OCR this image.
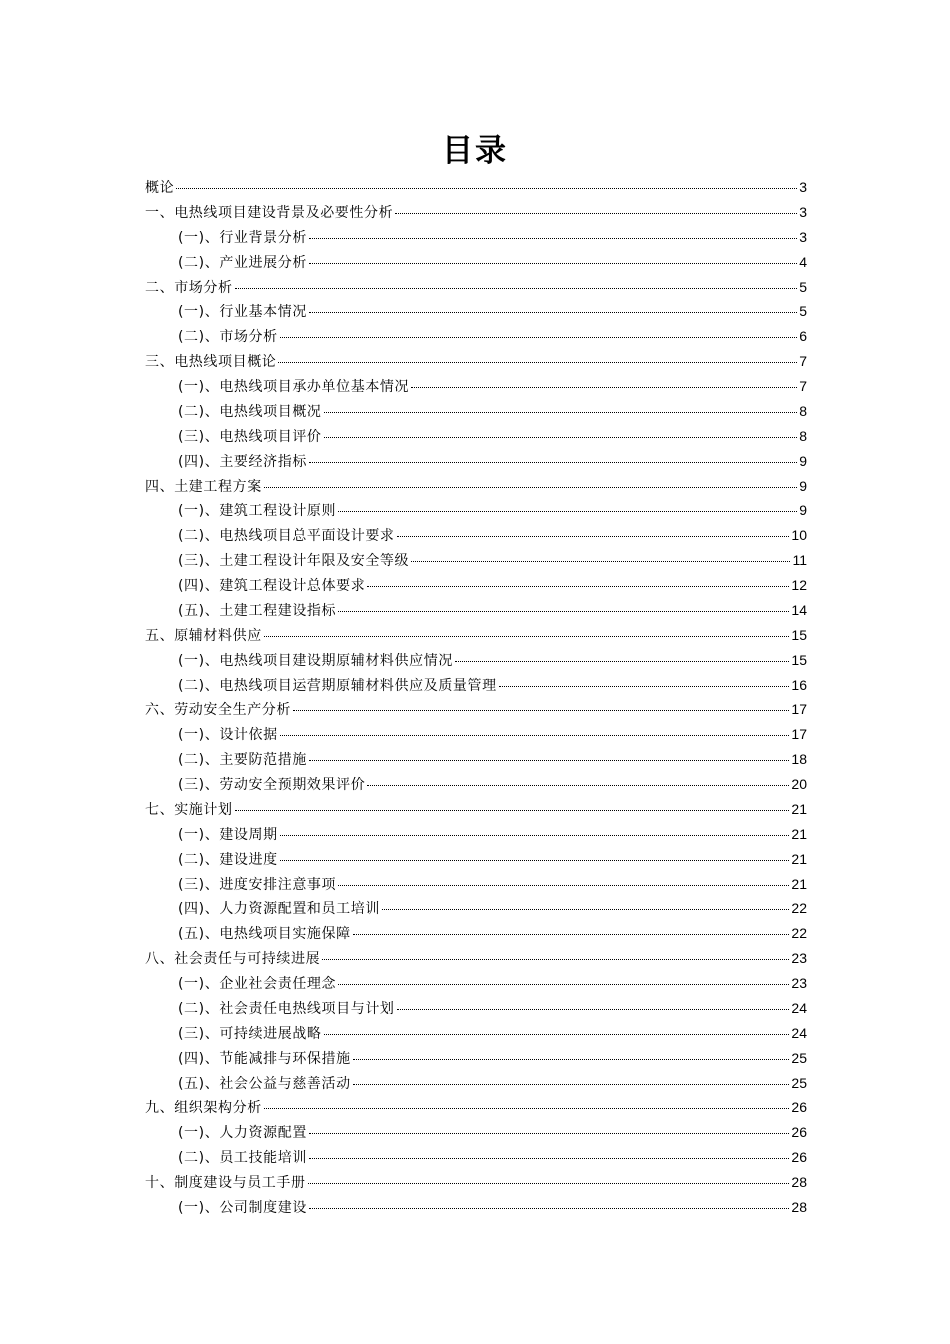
目录
概论	3
一、电热线项目建设背景及必要性分析	3
(一)、行业背景分析	3
(二)、产业进展分析	4
二、市场分析	5
(一)、行业基本情况	5
(二)、市场分析	6
三、电热线项目概论	7
(一)、电热线项目承办单位基本情况	7
(二)、电热线项目概况	8
(三)、电热线项目评价	8
(四)、主要经济指标	9
四、土建工程方案	9
(一)、建筑工程设计原则	9
(二)、电热线项目总平面设计要求	10
(三)、土建工程设计年限及安全等级	11
(四)、建筑工程设计总体要求	12
(五)、土建工程建设指标	14
五、原辅材料供应	15
(一)、电热线项目建设期原辅材料供应情况	15
(二)、电热线项目运营期原辅材料供应及质量管理	16
六、劳动安全生产分析	17
(一)、设计依据	17
(二)、主要防范措施	18
(三)、劳动安全预期效果评价	20
七、实施计划	21
(一)、建设周期	21
(二)、建设进度	21
(三)、进度安排注意事项	21
(四)、人力资源配置和员工培训	22
(五)、电热线项目实施保障	22
八、社会责任与可持续进展	23
(一)、企业社会责任理念	23
(二)、社会责任电热线项目与计划	24
(三)、可持续进展战略	24
(四)、节能减排与环保措施	25
(五)、社会公益与慈善活动	25
九、组织架构分析	26
(一)、人力资源配置	26
(二)、员工技能培训	26
十、制度建设与员工手册	28
(一)、公司制度建设	28
